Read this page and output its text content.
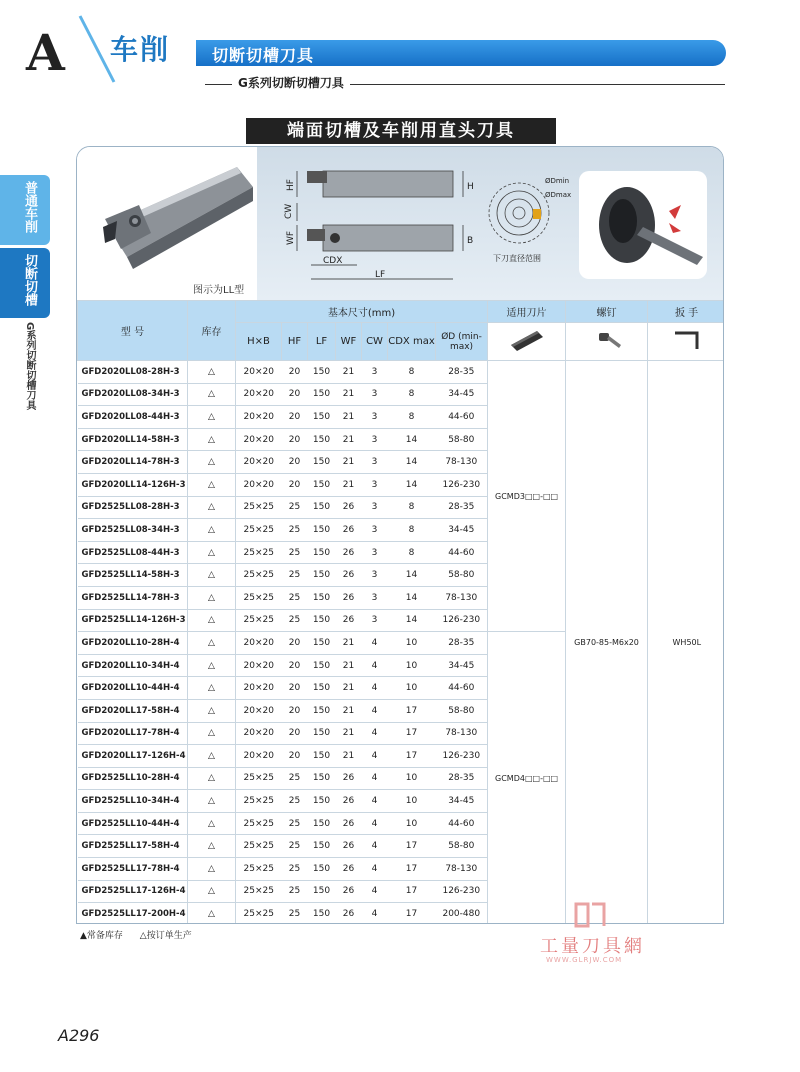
A 车削	切断切槽刀具
G系列切断切槽刀具
普通车削
切断切槽
G系列切断切槽刀具
端面切槽及车削用直头刀具
图示为LL型
HF	H
CW
WF	B
CDX
LF
ØDmin
ØDmax
下刀直径范围
型 号	库存	基本尺寸(mm)							适用刀片	螺钉	扳 手
		H×B	HF	LF	WF	CW	CDX max	ØD (min-max)			
GFD2020LL08-28H-3	△	20×20	20	150	21	3	8	28-35	GCMD3□□-□□	GB70-85-M6x20	WH50L
GFD2020LL08-34H-3	△	20×20	20	150	21	3	8	34-45			
GFD2020LL08-44H-3	△	20×20	20	150	21	3	8	44-60			
GFD2020LL14-58H-3	△	20×20	20	150	21	3	14	58-80			
GFD2020LL14-78H-3	△	20×20	20	150	21	3	14	78-130			
GFD2020LL14-126H-3	△	20×20	20	150	21	3	14	126-230			
GFD2525LL08-28H-3	△	25×25	25	150	26	3	8	28-35			
GFD2525LL08-34H-3	△	25×25	25	150	26	3	8	34-45			
GFD2525LL08-44H-3	△	25×25	25	150	26	3	8	44-60			
GFD2525LL14-58H-3	△	25×25	25	150	26	3	14	58-80			
GFD2525LL14-78H-3	△	25×25	25	150	26	3	14	78-130			
GFD2525LL14-126H-3	△	25×25	25	150	26	3	14	126-230			
GFD2020LL10-28H-4	△	20×20	20	150	21	4	10	28-35	GCMD4□□-□□		
GFD2020LL10-34H-4	△	20×20	20	150	21	4	10	34-45			
GFD2020LL10-44H-4	△	20×20	20	150	21	4	10	44-60			
GFD2020LL17-58H-4	△	20×20	20	150	21	4	17	58-80			
GFD2020LL17-78H-4	△	20×20	20	150	21	4	17	78-130			
GFD2020LL17-126H-4	△	20×20	20	150	21	4	17	126-230			
GFD2525LL10-28H-4	△	25×25	25	150	26	4	10	28-35			
GFD2525LL10-34H-4	△	25×25	25	150	26	4	10	34-45			
GFD2525LL10-44H-4	△	25×25	25	150	26	4	10	44-60			
GFD2525LL17-58H-4	△	25×25	25	150	26	4	17	58-80			
GFD2525LL17-78H-4	△	25×25	25	150	26	4	17	78-130			
GFD2525LL17-126H-4	△	25×25	25	150	26	4	17	126-230			
GFD2525LL17-200H-4	△	25×25	25	150	26	4	17	200-480			
▲常备库存 △按订单生产	工量刀具網
WWW.GLRJW.COM
A296
